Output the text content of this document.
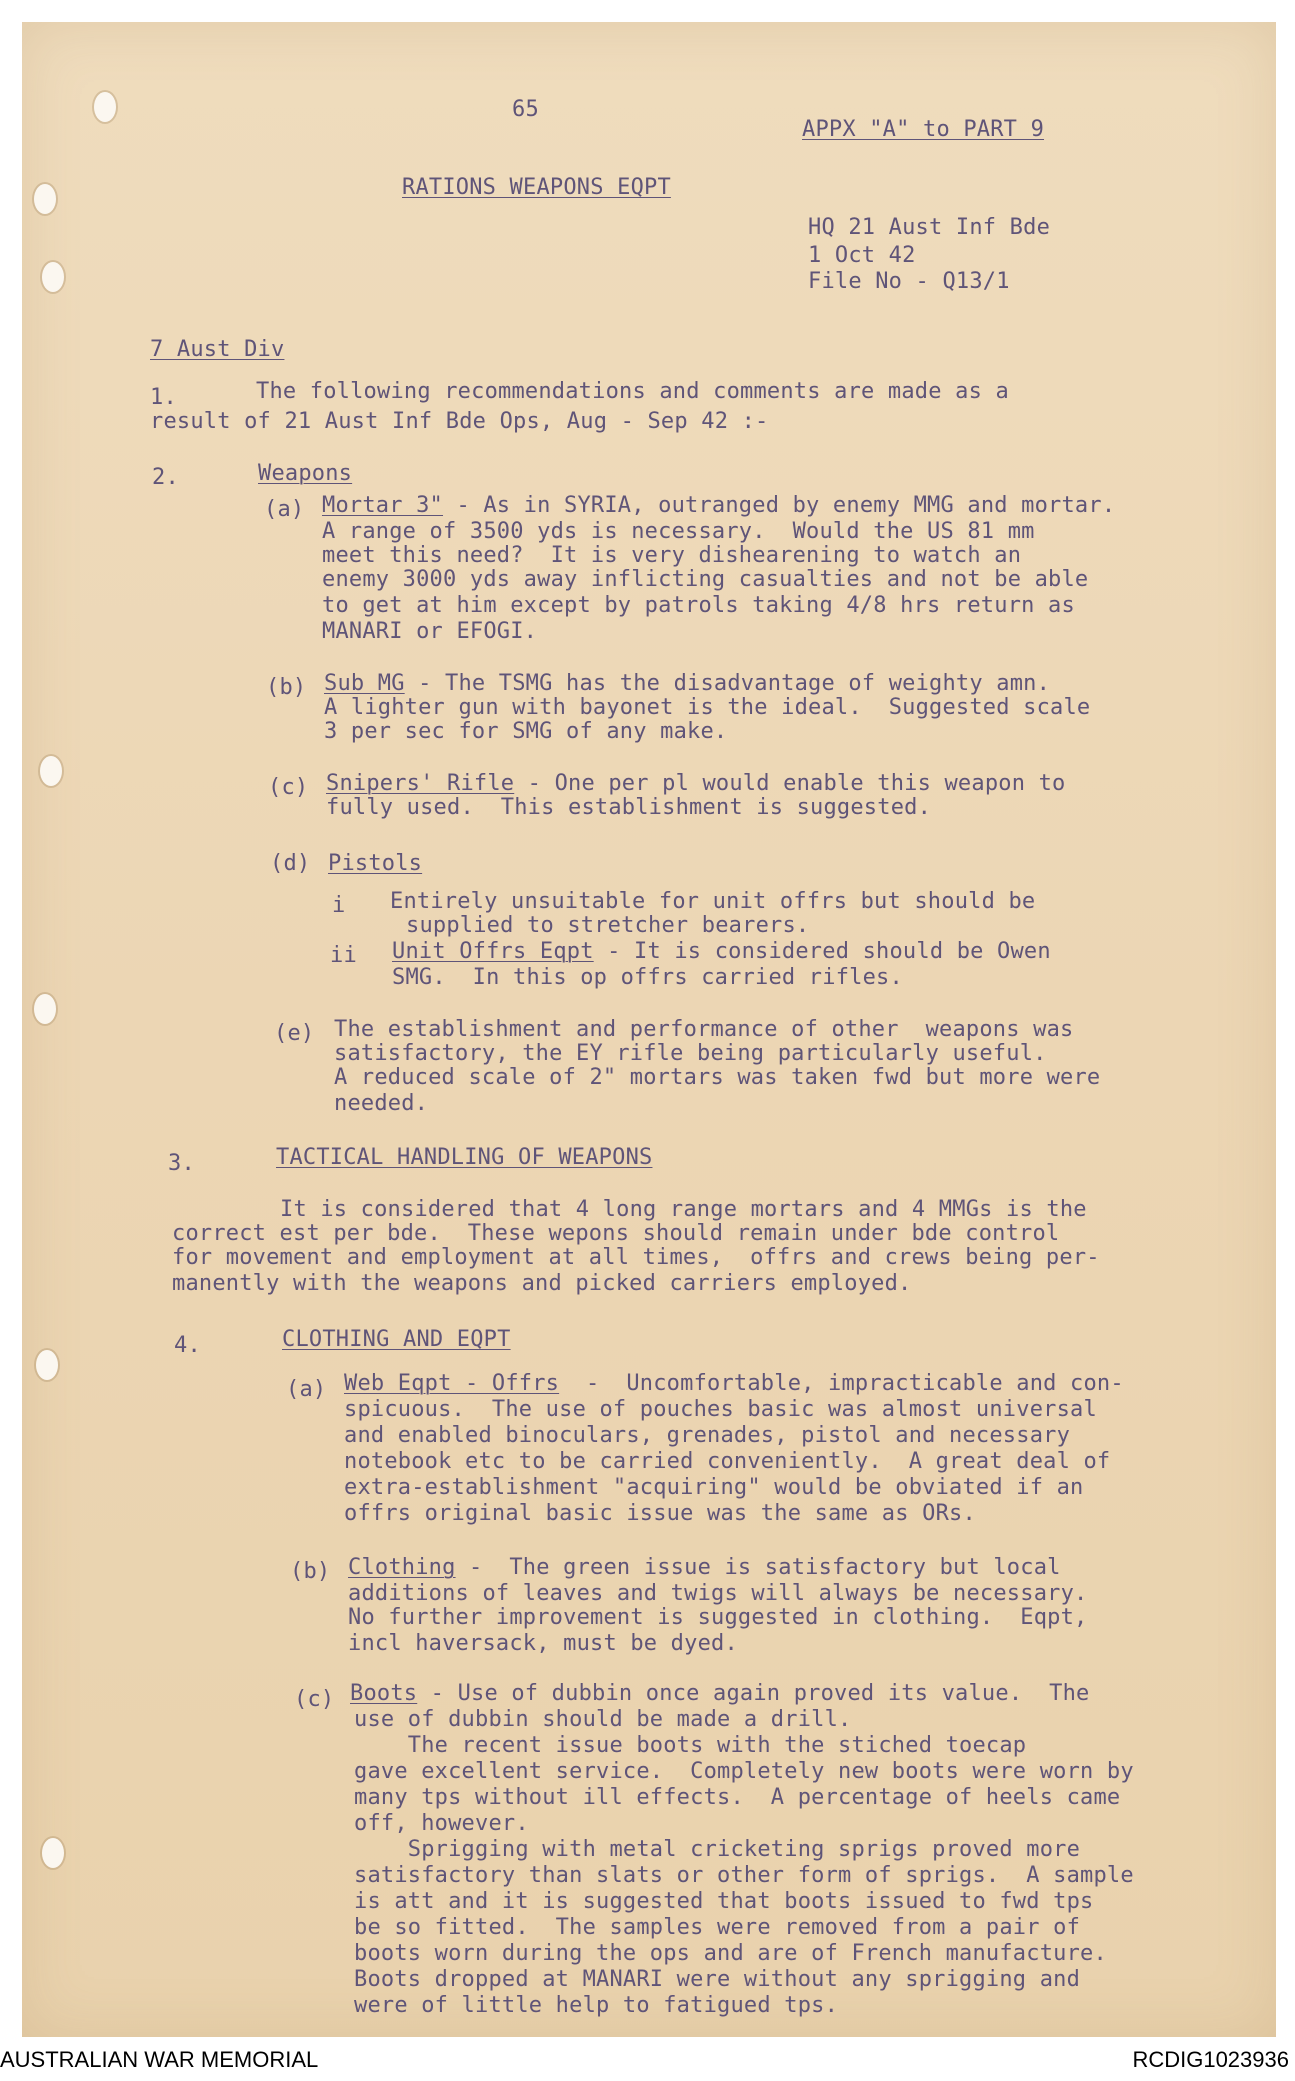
65
APPX "A" to PART 9
RATIONS WEAPONS EQPT
HQ 21 Aust Inf Bde
1 Oct 42
File No - Q13/1
7 Aust Div
1.	The following recommendations and comments are made as a
result of 21 Aust Inf Bde Ops, Aug - Sep 42 :-
2.	Weapons
(a) Mortar 3" - As in SYRIA, outranged by enemy MMG and mortar.
A range of 3500 yds is necessary.  Would the US 81 mm
meet this need?  It is very dishearening to watch an
enemy 3000 yds away inflicting casualties and not be able
to get at him except by patrols taking 4/8 hrs return as
MANARI or EFOGI.
(b) Sub MG - The TSMG has the disadvantage of weighty amn.
A lighter gun with bayonet is the ideal.  Suggested scale
3 per sec for SMG of any make.
(c) Snipers' Rifle - One per pl would enable this weapon to
fully used.  This establishment is suggested.
(d) Pistols
i Entirely unsuitable for unit offrs but should be
supplied to stretcher bearers.
ii Unit Offrs Eqpt - It is considered should be Owen
SMG.  In this op offrs carried rifles.
(e) The establishment and performance of other  weapons was
satisfactory, the EY rifle being particularly useful.
A reduced scale of 2" mortars was taken fwd but more were
needed.
3.	TACTICAL HANDLING OF WEAPONS
It is considered that 4 long range mortars and 4 MMGs is the
correct est per bde.  These wepons should remain under bde control
for movement and employment at all times,  offrs and crews being per-
manently with the weapons and picked carriers employed.
4.	CLOTHING AND EQPT
(a) Web Eqpt - Offrs  -  Uncomfortable, impracticable and con-
spicuous.  The use of pouches basic was almost universal
and enabled binoculars, grenades, pistol and necessary
notebook etc to be carried conveniently.  A great deal of
extra-establishment "acquiring" would be obviated if an
offrs original basic issue was the same as ORs.
(b) Clothing -  The green issue is satisfactory but local
additions of leaves and twigs will always be necessary.
No further improvement is suggested in clothing.  Eqpt,
incl haversack, must be dyed.
(c) Boots - Use of dubbin once again proved its value.  The
use of dubbin should be made a drill.
The recent issue boots with the stiched toecap
gave excellent service.  Completely new boots were worn by
many tps without ill effects.  A percentage of heels came
off, however.
Sprigging with metal cricketing sprigs proved more
satisfactory than slats or other form of sprigs.  A sample
is att and it is suggested that boots issued to fwd tps
be so fitted.  The samples were removed from a pair of
boots worn during the ops and are of French manufacture.
Boots dropped at MANARI were without any sprigging and
were of little help to fatigued tps.
AUSTRALIAN WAR MEMORIAL	RCDIG1023936
